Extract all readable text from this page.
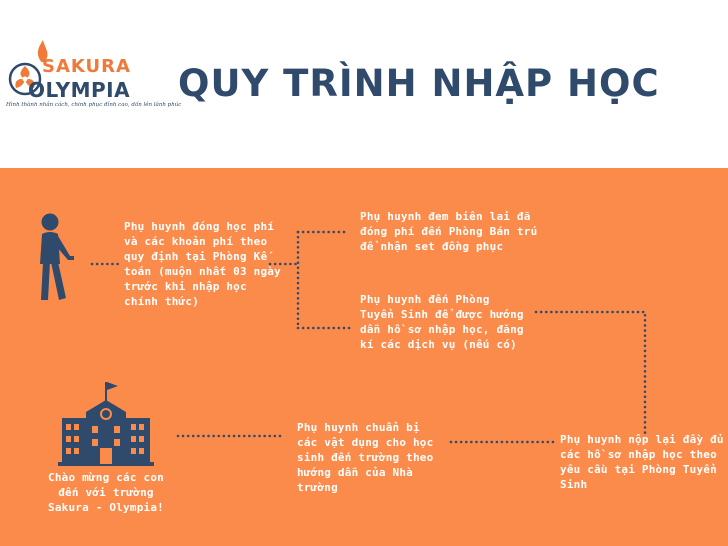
SAKURA

OLYMPIA

Hình thành nhân cách, chinh phục đỉnh cao, dấn lên lãnh phúc

QUY TRÌNH NHẬP HỌC

Phụ huynh đóng học phí và các khoản phí theo quy định tại Phòng Kế toán (muộn nhất 03 ngày trước khi nhập học chính thức)

Phụ huynh đem biên lai đã đóng phí đến Phòng Bán trú để nhận set đồng phục

Phụ huynh đến Phòng Tuyển Sinh để được hướng dẫn hồ sơ nhập học, đăng kí các dịch vụ (nếu có)

Phụ huynh nộp lại đầy đủ các hồ sơ nhập học theo yêu cầu tại Phòng Tuyển Sinh

Phụ huynh chuẩn bị các vật dụng cho học sinh đến trường theo hướng dẫn của Nhà trường

Chào mừng các con đến với trường Sakura - Olympia!
